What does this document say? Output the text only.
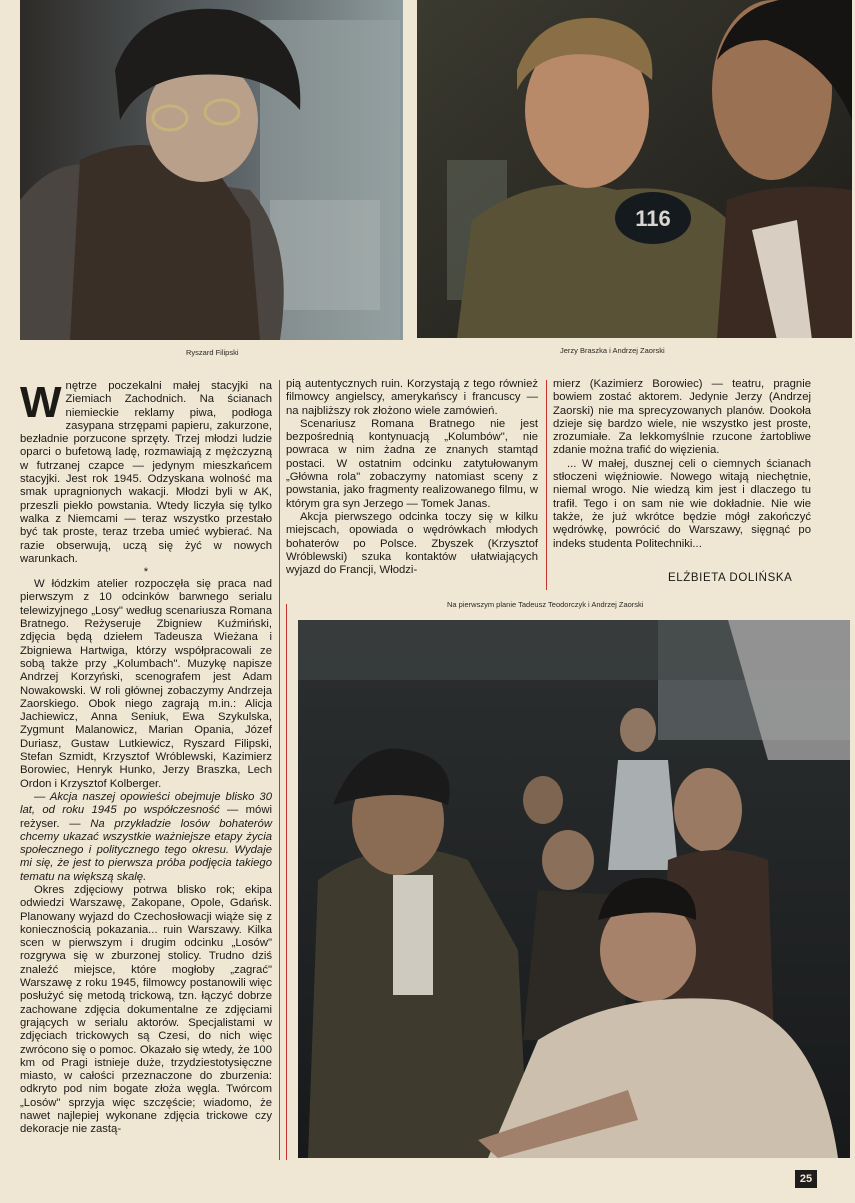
Ryszard Filipski
116
Jerzy Braszka i Andrzej Zaorski
Na pierwszym planie Tadeusz Teodorczyk i Andrzej Zaorski

Wnętrze poczekalni małej stacyjki na Ziemiach Zachodnich. Na ścianach niemieckie reklamy piwa, podłoga zasypana strzępami papieru, zakurzone, bezładnie porzucone sprzęty. Trzej młodzi ludzie oparci o bufetową ladę, rozmawiają z mężczyzną w futrzanej czapce — jedynym mieszkańcem stacyjki. Jest rok 1945. Odzyskana wolność ma smak upragnionych wakacji. Młodzi byli w AK, przeszli piekło powstania. Wtedy liczyła się tylko walka z Niemcami — teraz wszystko przestało być tak proste, teraz trzeba umieć wybierać. Na razie obserwują, uczą się żyć w nowych warunkach.

*

W łódzkim atelier rozpoczęła się praca nad pierwszym z 10 odcinków barwnego serialu telewizyjnego „Losy" według scenariusza Romana Bratnego. Reżyseruje Zbigniew Kuźmiński, zdjęcia będą dziełem Tadeusza Wieżana i Zbigniewa Hartwiga, którzy współpracowali ze sobą także przy „Kolumbach". Muzykę napisze Andrzej Korzyński, scenografem jest Adam Nowakowski. W roli głównej zobaczymy Andrzeja Zaorskiego. Obok niego zagrają m.in.: Alicja Jachiewicz, Anna Seniuk, Ewa Szykulska, Zygmunt Malanowicz, Marian Opania, Józef Duriasz, Gustaw Lutkiewicz, Ryszard Filipski, Stefan Szmidt, Krzysztof Wróblewski, Kazimierz Borowiec, Henryk Hunko, Jerzy Braszka, Lech Ordon i Krzysztof Kolberger.

— Akcja naszej opowieści obejmuje blisko 30 lat, od roku 1945 po współczesność — mówi reżyser. — Na przykładzie losów bohaterów chcemy ukazać wszystkie ważniejsze etapy życia społecznego i politycznego tego okresu. Wydaje mi się, że jest to pierwsza próba podjęcia takiego tematu na większą skalę.

Okres zdjęciowy potrwa blisko rok; ekipa odwiedzi Warszawę, Zakopane, Opole, Gdańsk. Planowany wyjazd do Czechosłowacji wiąże się z koniecznością pokazania... ruin Warszawy. Kilka scen w pierwszym i drugim odcinku „Losów" rozgrywa się w zburzonej stolicy. Trudno dziś znaleźć miejsce, które mogłoby „zagrać" Warszawę z roku 1945, filmowcy postanowili więc posłużyć się metodą trickową, tzn. łączyć dobrze zachowane zdjęcia dokumentalne ze zdjęciami grających w serialu aktorów. Specjalistami w zdjęciach trickowych są Czesi, do nich więc zwrócono się o pomoc. Okazało się wtedy, że 100 km od Pragi istnieje duże, trzydziestotysięczne miasto, w całości przeznaczone do zburzenia: odkryto pod nim bogate złoża węgla. Twórcom „Losów" sprzyja więc szczęście; wiadomo, że nawet najlepiej wykonane zdjęcia trickowe czy dekoracje nie zastą-

pią autentycznych ruin. Korzystają z tego również filmowcy angielscy, amerykańscy i francuscy — na najbliższy rok złożono wiele zamówień.

Scenariusz Romana Bratnego nie jest bezpośrednią kontynuacją „Kolumbów", nie powraca w nim żadna ze znanych stamtąd postaci. W ostatnim odcinku zatytułowanym „Główna rola" zobaczymy natomiast sceny z powstania, jako fragmenty realizowanego filmu, w którym gra syn Jerzego — Tomek Janas.

Akcja pierwszego odcinka toczy się w kilku miejscach, opowiada o wędrówkach młodych bohaterów po Polsce. Zbyszek (Krzysztof Wróblewski) szuka kontaktów ułatwiających wyjazd do Francji, Włodzi-

mierz (Kazimierz Borowiec) — teatru, pragnie bowiem zostać aktorem. Jedynie Jerzy (Andrzej Zaorski) nie ma sprecyzowanych planów. Dookoła dzieje się bardzo wiele, nie wszystko jest proste, zrozumiałe. Za lekkomyślnie rzucone żartobliwe zdanie można trafić do więzienia.

... W małej, dusznej celi o ciemnych ścianach stłoczeni więźniowie. Nowego witają niechętnie, niemal wrogo. Nie wiedzą kim jest i dlaczego tu trafił. Tego i on sam nie wie dokładnie. Nie wie także, że już wkrótce będzie mógł zakończyć wędrówkę, powrócić do Warszawy, sięgnąć po indeks studenta Politechniki...

ELŻBIETA DOLIŃSKA
25
